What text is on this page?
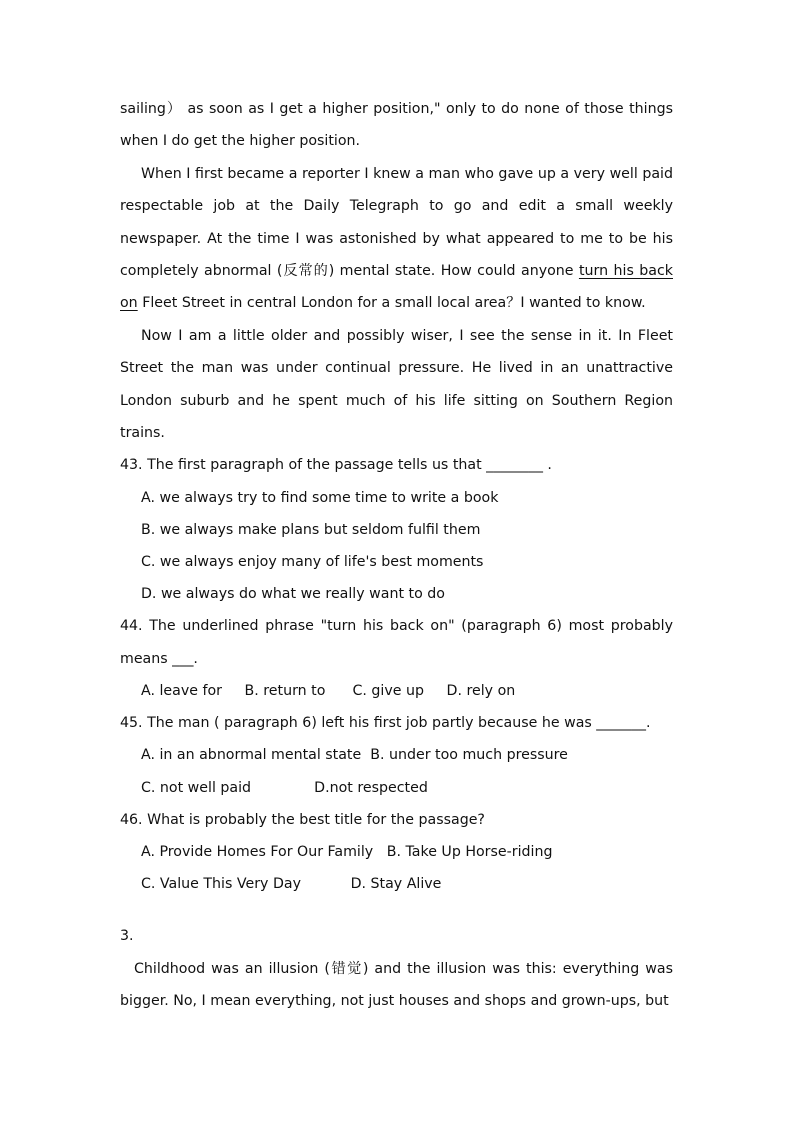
sailing） as soon as I get a higher position," only to do none of those things when I do get the higher position.

When I first became a reporter I knew a man who gave up a very well paid respectable job at the Daily Telegraph to go and edit a small weekly newspaper. At the time I was astonished by what appeared to me to be his completely abnormal (反常的) mental state. How could anyone turn his back on Fleet Street in central London for a small local area？I wanted to know.

Now I am a little older and possibly wiser, I see the sense in it. In Fleet Street the man was under continual pressure. He lived in an unattractive London suburb and he spent much of his life sitting on Southern Region trains.

43. The first paragraph of the passage tells us that ________ .

A. we always try to find some time to write a book

B. we always make plans but seldom fulfil them

C. we always enjoy many of life's best moments

D. we always do what we really want to do

44. The underlined phrase "turn his back on" (paragraph 6) most probably means ___.

A. leave for     B. return to      C. give up     D. rely on

45. The man ( paragraph 6) left his first job partly because he was _______.

A. in an abnormal mental state  B. under too much pressure

C. not well paid              D.not respected

46. What is probably the best title for the passage?

A. Provide Homes For Our Family   B. Take Up Horse-riding

C. Value This Very Day           D. Stay Alive

3.

Childhood was an illusion (错觉) and the illusion was this: everything was bigger. No, I mean everything, not just houses and shops and grown-ups, but
